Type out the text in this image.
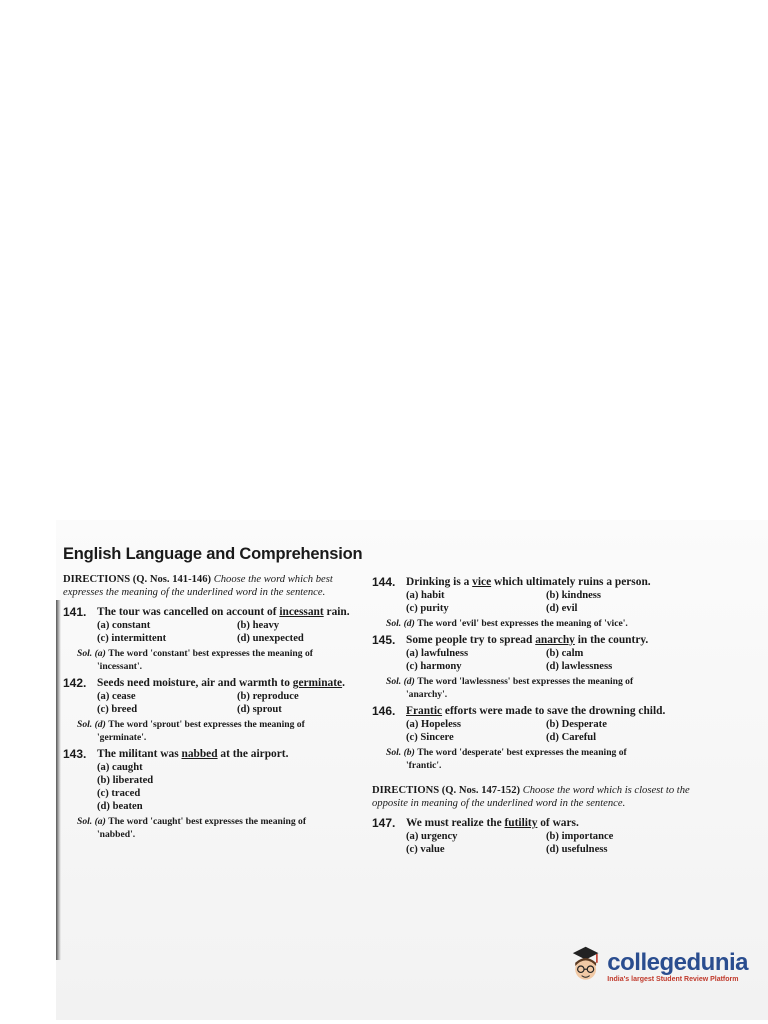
English Language and Comprehension
DIRECTIONS (Q. Nos. 141-146) Choose the word which best expresses the meaning of the underlined word in the sentence.
141. The tour was cancelled on account of incessant rain.
(a) constant	(b) heavy
(c) intermittent	(d) unexpected
Sol. (a) The word 'constant' best expresses the meaning of
'incessant'.
142. Seeds need moisture, air and warmth to germinate.
(a) cease	(b) reproduce
(c) breed	(d) sprout
Sol. (d) The word 'sprout' best expresses the meaning of
'germinate'.
143. The militant was nabbed at the airport.
(a) caught
(b) liberated
(c) traced
(d) beaten
Sol. (a) The word 'caught' best expresses the meaning of
'nabbed'.
144. Drinking is a vice which ultimately ruins a person.
(a) habit	(b) kindness
(c) purity	(d) evil
Sol. (d) The word 'evil' best expresses the meaning of 'vice'.
145. Some people try to spread anarchy in the country.
(a) lawfulness	(b) calm
(c) harmony	(d) lawlessness
Sol. (d) The word 'lawlessness' best expresses the meaning of
'anarchy'.
146. Frantic efforts were made to save the drowning child.
(a) Hopeless	(b) Desperate
(c) Sincere	(d) Careful
Sol. (b) The word 'desperate' best expresses the meaning of
'frantic'.
DIRECTIONS (Q. Nos. 147-152) Choose the word which is closest to the opposite in meaning of the underlined word in the sentence.
147. We must realize the futility of wars.
(a) urgency	(b) importance
(c) value	(d) usefulness
collegedunia
India's largest Student Review Platform
